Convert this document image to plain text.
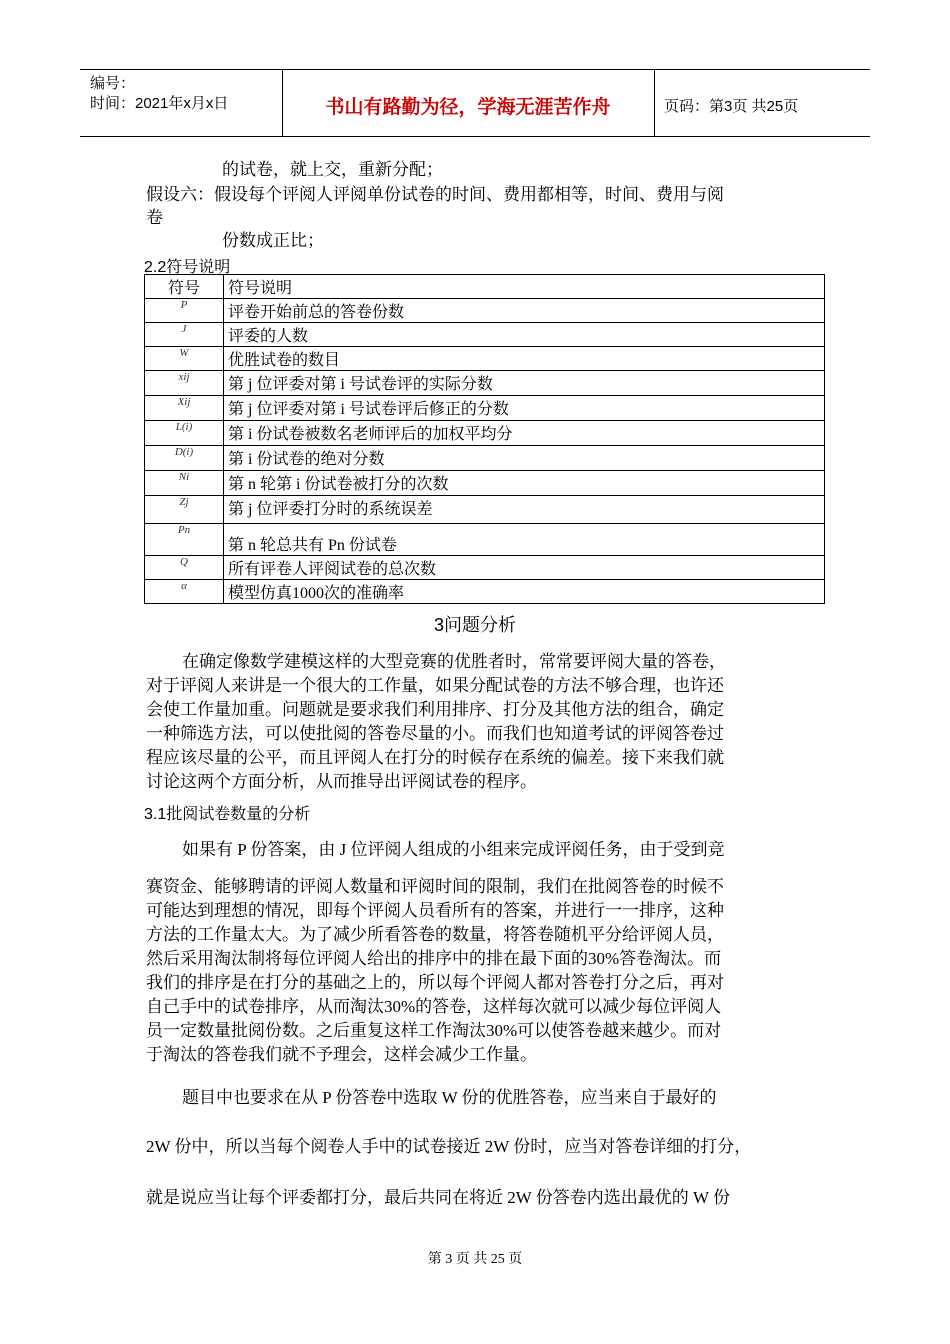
编号：
时间：2021年x月x日	书山有路勤为径，学海无涯苦作舟	页码：第3页 共25页
的试卷，就上交，重新分配；
假设六：假设每个评阅人评阅单份试卷的时间、费用都相等，时间、费用与阅
卷
份数成正比；
2.2符号说明
符号	符号说明
P	评卷开始前总的答卷份数
J	评委的人数
W	优胜试卷的数目
xij	第 j 位评委对第 i 号试卷评的实际分数
Xij	第 j 位评委对第 i 号试卷评后修正的分数
L(i)	第 i 份试卷被数名老师评后的加权平均分
D(i)	第 i 份试卷的绝对分数
Ni	第 n 轮第 i 份试卷被打分的次数
Zj	第 j 位评委打分时的系统误差
Pn	第 n 轮总共有 Pn 份试卷
Q	所有评卷人评阅试卷的总次数
α	模型仿真1000次的准确率
3问题分析
在确定像数学建模这样的大型竞赛的优胜者时，常常要评阅大量的答卷，
对于评阅人来讲是一个很大的工作量，如果分配试卷的方法不够合理，也许还
会使工作量加重。问题就是要求我们利用排序、打分及其他方法的组合，确定
一种筛选方法，可以使批阅的答卷尽量的小。而我们也知道考试的评阅答卷过
程应该尽量的公平，而且评阅人在打分的时候存在系统的偏差。接下来我们就
讨论这两个方面分析，从而推导出评阅试卷的程序。
3.1批阅试卷数量的分析
如果有 P 份答案，由 J 位评阅人组成的小组来完成评阅任务，由于受到竞
赛资金、能够聘请的评阅人数量和评阅时间的限制，我们在批阅答卷的时候不
可能达到理想的情况，即每个评阅人员看所有的答案，并进行一一排序，这种
方法的工作量太大。为了减少所看答卷的数量，将答卷随机平分给评阅人员，
然后采用淘汰制将每位评阅人给出的排序中的排在最下面的30%答卷淘汰。而
我们的排序是在打分的基础之上的，所以每个评阅人都对答卷打分之后，再对
自己手中的试卷排序，从而淘汰30%的答卷，这样每次就可以减少每位评阅人
员一定数量批阅份数。之后重复这样工作淘汰30%可以使答卷越来越少。而对
于淘汰的答卷我们就不予理会，这样会减少工作量。
题目中也要求在从 P 份答卷中选取 W 份的优胜答卷，应当来自于最好的
2W 份中，所以当每个阅卷人手中的试卷接近 2W 份时，应当对答卷详细的打分，
就是说应当让每个评委都打分，最后共同在将近 2W 份答卷内选出最优的 W 份
第 3 页 共 25 页
